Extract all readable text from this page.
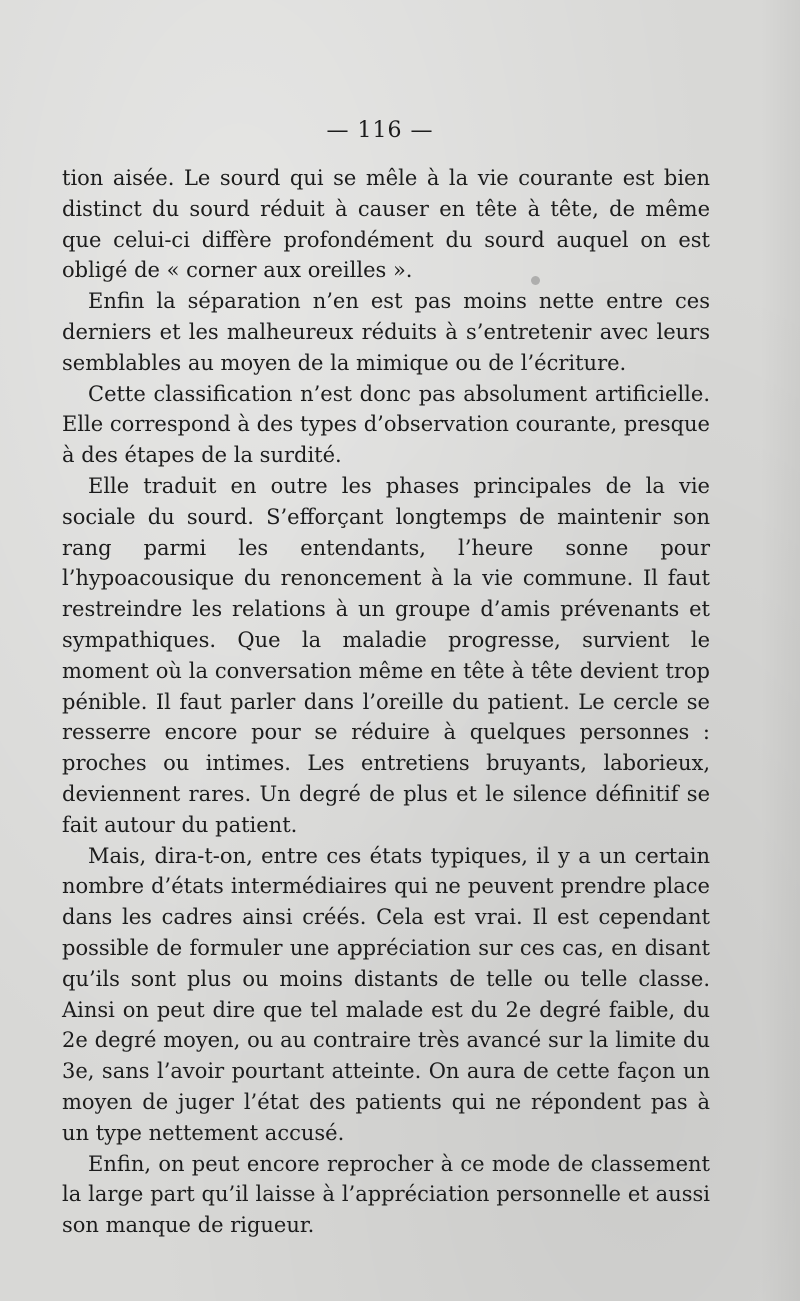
— 116 —

tion aisée. Le sourd qui se mêle à la vie courante est bien distinct du sourd réduit à causer en tête à tête, de même que celui-ci diffère profondément du sourd auquel on est obligé de « corner aux oreilles ».

Enfin la séparation n’en est pas moins nette entre ces derniers et les malheureux réduits à s’entretenir avec leurs semblables au moyen de la mimique ou de l’écriture.

Cette classification n’est donc pas absolument artificielle. Elle correspond à des types d’observation courante, presque à des étapes de la surdité.

Elle traduit en outre les phases principales de la vie sociale du sourd. S’efforçant longtemps de maintenir son rang parmi les entendants, l’heure sonne pour l’hypoacousique du renoncement à la vie commune. Il faut restreindre les relations à un groupe d’amis prévenants et sympathiques. Que la maladie progresse, survient le moment où la conversation même en tête à tête devient trop pénible. Il faut parler dans l’oreille du patient. Le cercle se resserre encore pour se réduire à quelques personnes : proches ou intimes. Les entretiens bruyants, laborieux, deviennent rares. Un degré de plus et le silence définitif se fait autour du patient.

Mais, dira-t-on, entre ces états typiques, il y a un certain nombre d’états intermédiaires qui ne peuvent prendre place dans les cadres ainsi créés. Cela est vrai. Il est cependant possible de formuler une appréciation sur ces cas, en disant qu’ils sont plus ou moins distants de telle ou telle classe. Ainsi on peut dire que tel malade est du 2e degré faible, du 2e degré moyen, ou au contraire très avancé sur la limite du 3e, sans l’avoir pourtant atteinte. On aura de cette façon un moyen de juger l’état des patients qui ne répondent pas à un type nettement accusé.

Enfin, on peut encore reprocher à ce mode de classement la large part qu’il laisse à l’appréciation personnelle et aussi son manque de rigueur.
